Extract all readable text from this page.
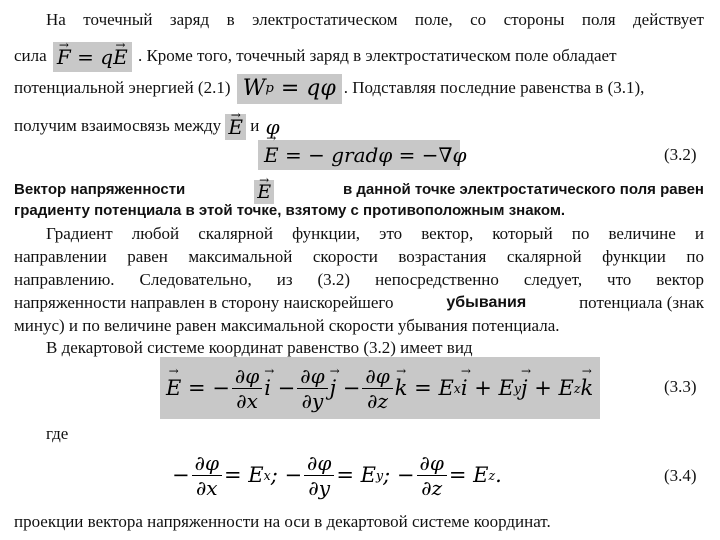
На точечный заряд в электростатическом поле, со стороны поля действует
сила
→ F = q
→ E . Кроме того, точечный заряд в электростатическом поле обладает
потенциальной энергией (2.1) W p = qφ. Подставляя последние равенства в (3.1),
получим взаимосвязь между
→ E и φ
→ E = − grad φ = −∇φ	(3.2)
Вектор напряженности
→	E	в данной точке электростатического поля равен
градиенту потенциала в этой точке, взятому с противоположным знаком.
Градиент любой скалярной функции, это вектор, который по величине и
направлении равен максимальной скорости возрастания скалярной функции по
направлению. Следовательно, из (3.2) непосредственно следует, что вектор
напряженности направлен в сторону наискорейшего	убывания	потенциала (знак
минус) и по величине равен максимальной скорости убывания потенциала.
В декартовой системе координат равенство (3.2) имеет вид
→ E = − $\frac{\partial\varphi}{\partial x}$
→ $i - \frac{\partial\varphi}{\partial y}$
→ $j - \frac{\partial\varphi}{\partial z}$
→ k = E x
→ i + E y
→ j + E z
→ k	(3.3)
где
− $\frac{\partial\varphi}{\partial x} = E$ x ; − $\frac{\partial\varphi}{\partial y} = E$ y ; − $\frac{\partial\varphi}{\partial z} = E$ z .	(3.4)
проекции вектора напряженности на оси в декартовой системе координат.
